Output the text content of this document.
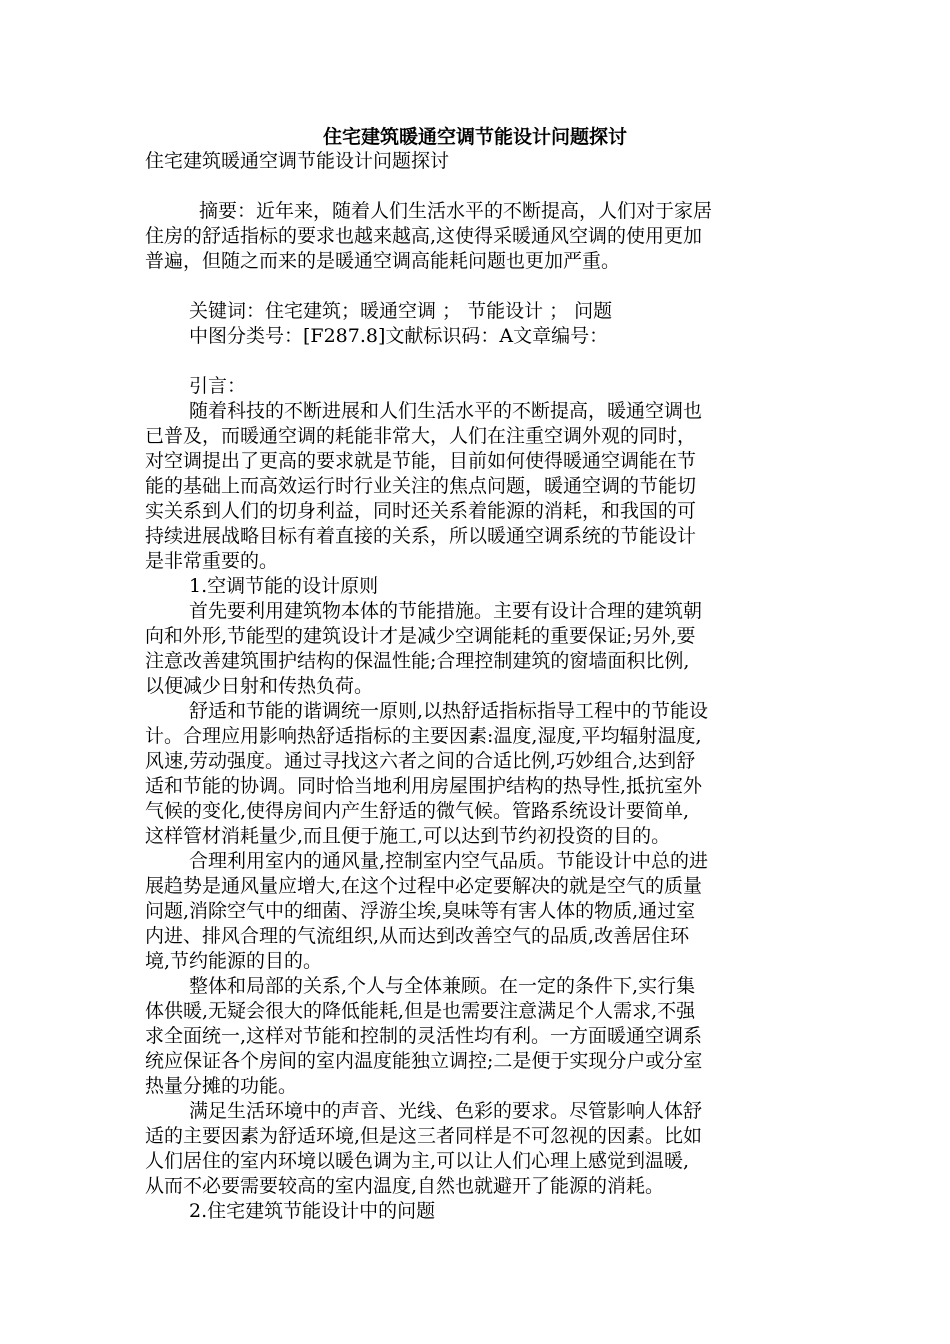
住宅建筑暖通空调节能设计问题探讨
住宅建筑暖通空调节能设计问题探讨
摘要：近年来，随着人们生活水平的不断提高，人们对于家居
住房的舒适指标的要求也越来越高,这使得采暖通风空调的使用更加
普遍，但随之而来的是暖通空调高能耗问题也更加严重。
关键词：住宅建筑；暖通空调 ； 节能设计 ； 问题
中图分类号：[F287.8]文献标识码：A文章编号：
引言：
随着科技的不断进展和人们生活水平的不断提高，暖通空调也
已普及，而暖通空调的耗能非常大，人们在注重空调外观的同时，
对空调提出了更高的要求就是节能，目前如何使得暖通空调能在节
能的基础上而高效运行时行业关注的焦点问题，暖通空调的节能切
实关系到人们的切身利益，同时还关系着能源的消耗，和我国的可
持续进展战略目标有着直接的关系，所以暖通空调系统的节能设计
是非常重要的。
1.空调节能的设计原则
首先要利用建筑物本体的节能措施。主要有设计合理的建筑朝
向和外形,节能型的建筑设计才是减少空调能耗的重要保证;另外,要
注意改善建筑围护结构的保温性能;合理控制建筑的窗墙面积比例,
以便减少日射和传热负荷。
舒适和节能的谐调统一原则,以热舒适指标指导工程中的节能设
计。合理应用影响热舒适指标的主要因素:温度,湿度,平均辐射温度,
风速,劳动强度。通过寻找这六者之间的合适比例,巧妙组合,达到舒
适和节能的协调。同时恰当地利用房屋围护结构的热导性,抵抗室外
气候的变化,使得房间内产生舒适的微气候。管路系统设计要简单,
这样管材消耗量少,而且便于施工,可以达到节约初投资的目的。
合理利用室内的通风量,控制室内空气品质。节能设计中总的进
展趋势是通风量应增大,在这个过程中必定要解决的就是空气的质量
问题,消除空气中的细菌、浮游尘埃,臭味等有害人体的物质,通过室
内进、排风合理的气流组织,从而达到改善空气的品质,改善居住环
境,节约能源的目的。
整体和局部的关系,个人与全体兼顾。在一定的条件下,实行集
体供暖,无疑会很大的降低能耗,但是也需要注意满足个人需求,不强
求全面统一,这样对节能和控制的灵活性均有利。一方面暖通空调系
统应保证各个房间的室内温度能独立调控;二是便于实现分户或分室
热量分摊的功能。
满足生活环境中的声音、光线、色彩的要求。尽管影响人体舒
适的主要因素为舒适环境,但是这三者同样是不可忽视的因素。比如
人们居住的室内环境以暖色调为主,可以让人们心理上感觉到温暖,
从而不必要需要较高的室内温度,自然也就避开了能源的消耗。
2.住宅建筑节能设计中的问题
